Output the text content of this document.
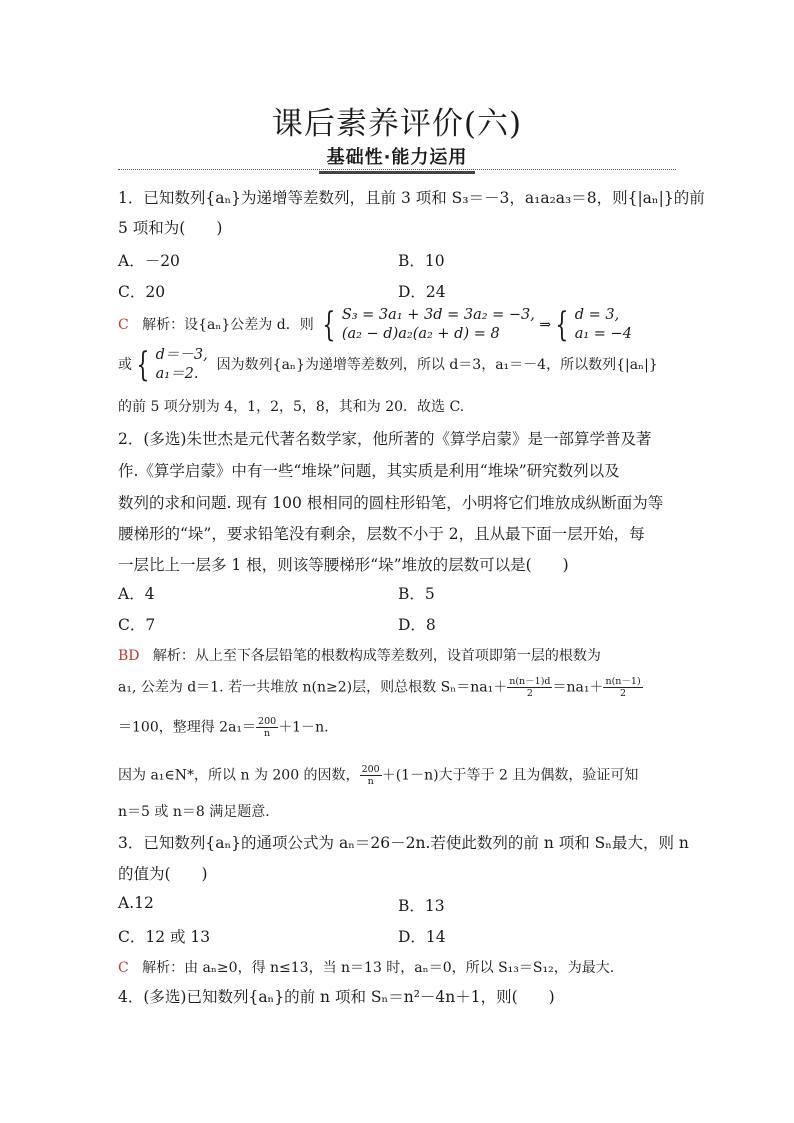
课后素养评价(六)
基础性·能力运用
1．已知数列{aₙ}为递增等差数列，且前 3 项和 S₃＝－3，a₁a₂a₃＝8，则{|aₙ|}的前
5 项和为(　　)
A．－20	B．10
C．20	D．24
C 解析：设{aₙ}公差为 d．则 { S₃ = 3a₁ + 3d = 3a₂ = −3,
(a₂ − d)a₂(a₂ + d) = 8 ⇒ { d = 3,
a₁ = −4
或 { d＝－3,
a₁＝2.  因为数列{aₙ}为递增等差数列，所以 d＝3，a₁＝－4，所以数列{|aₙ|}
的前 5 项分别为 4，1，2，5，8，其和为 20．故选 C.
2．(多选)朱世杰是元代著名数学家，他所著的《算学启蒙》是一部算学普及著
作.《算学启蒙》中有一些“堆垛”问题，其实质是利用“堆垛”研究数列以及
数列的求和问题. 现有 100 根相同的圆柱形铅笔，小明将它们堆放成纵断面为等
腰梯形的“垛”，要求铅笔没有剩余，层数不小于 2，且从最下面一层开始，每
一层比上一层多 1 根，则该等腰梯形“垛”堆放的层数可以是(　　)
A．4	B．5
C．7	D．8
BD 解析：从上至下各层铅笔的根数构成等差数列，设首项即第一层的根数为
a₁, 公差为 d＝1. 若一共堆放 n(n≥2)层，则总根数 $S_n=na_1+ \frac{n(n-1)d}{2} =na_1+ \frac{n(n-1)}{2}$
＝100，整理得 $2a_1= \frac{200}{n} +1-n$.
因为 a₁∈N*，所以 n 为 200 的因数， $\frac{200}{n} +(1-n)$大于等于 2 且为偶数，验证可知
n＝5 或 n＝8 满足题意.
3．已知数列{aₙ}的通项公式为 aₙ＝26－2n.若使此数列的前 n 项和 Sₙ最大，则 n
的值为(　　)
A.12	B．13
C．12 或 13	D．14
C 解析：由 aₙ≥0，得 n≤13，当 n＝13 时，aₙ＝0，所以 S₁₃＝S₁₂，为最大.
4．(多选)已知数列{aₙ}的前 n 项和 Sₙ＝n²－4n＋1，则(　　)
